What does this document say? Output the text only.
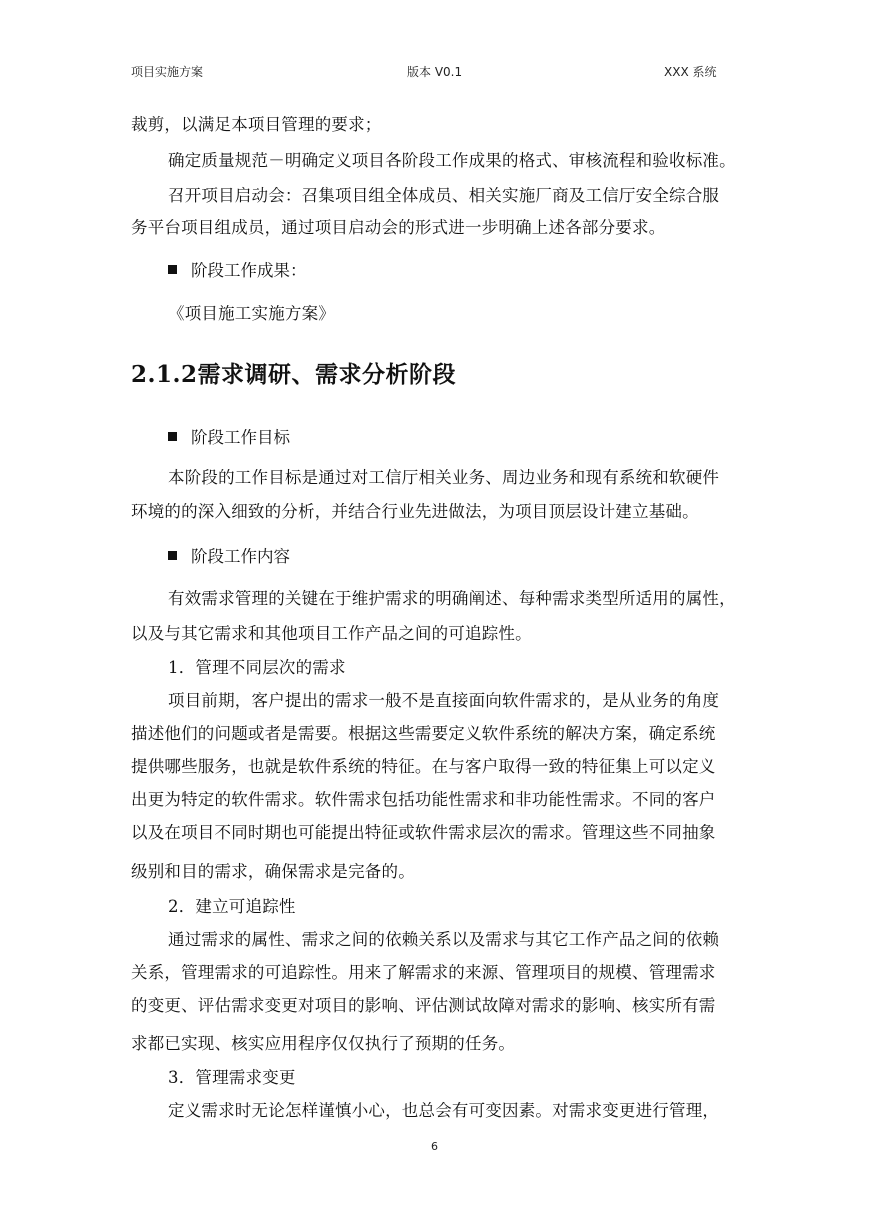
项目实施方案	版本 V0.1	XXX 系统
裁剪，以满足本项目管理的要求；
确定质量规范－明确定义项目各阶段工作成果的格式、审核流程和验收标准。
召开项目启动会：召集项目组全体成员、相关实施厂商及工信厅安全综合服
务平台项目组成员，通过项目启动会的形式进一步明确上述各部分要求。
阶段工作成果：
《项目施工实施方案》
2.1.2需求调研、需求分析阶段
阶段工作目标
本阶段的工作目标是通过对工信厅相关业务、周边业务和现有系统和软硬件
环境的的深入细致的分析，并结合行业先进做法，为项目顶层设计建立基础。
阶段工作内容
有效需求管理的关键在于维护需求的明确阐述、每种需求类型所适用的属性，
以及与其它需求和其他项目工作产品之间的可追踪性。
1．管理不同层次的需求
项目前期，客户提出的需求一般不是直接面向软件需求的，是从业务的角度
描述他们的问题或者是需要。根据这些需要定义软件系统的解决方案，确定系统
提供哪些服务，也就是软件系统的特征。在与客户取得一致的特征集上可以定义
出更为特定的软件需求。软件需求包括功能性需求和非功能性需求。不同的客户
以及在项目不同时期也可能提出特征或软件需求层次的需求。管理这些不同抽象
级别和目的需求，确保需求是完备的。
2．建立可追踪性
通过需求的属性、需求之间的依赖关系以及需求与其它工作产品之间的依赖
关系，管理需求的可追踪性。用来了解需求的来源、管理项目的规模、管理需求
的变更、评估需求变更对项目的影响、评估测试故障对需求的影响、核实所有需
求都已实现、核实应用程序仅仅执行了预期的任务。
3．管理需求变更
定义需求时无论怎样谨慎小心，也总会有可变因素。对需求变更进行管理，
6
